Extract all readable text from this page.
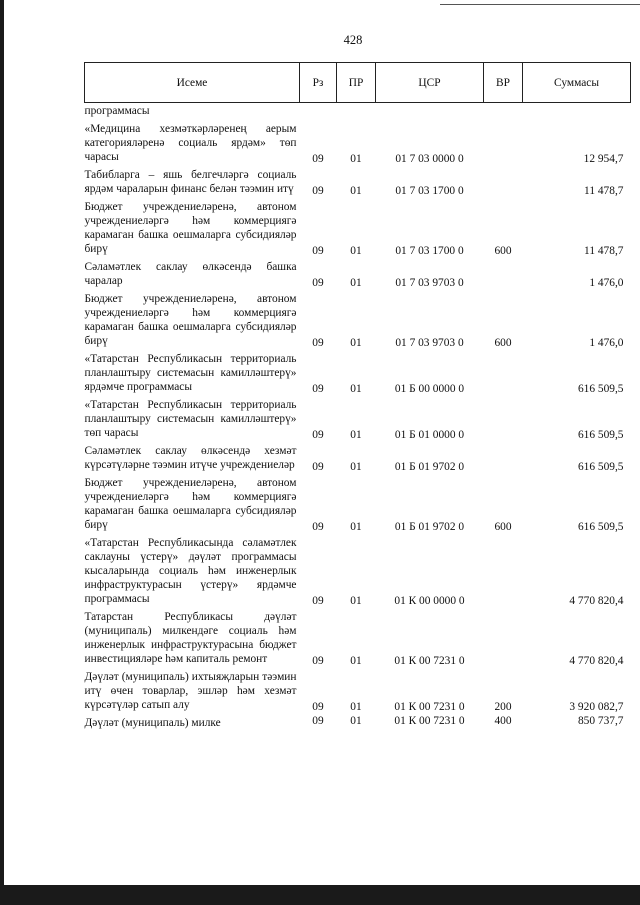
428
Исеме	Рз	ПР	ЦСР	ВР	Суммасы
программасы					
«Медицина хезмәткәрләренең аерым категорияләренә социаль ярдәм» төп чарасы	09	01	01 7 03 0000 0		12 954,7
Табибларга – яшь белгечләргә социаль ярдәм чараларын финанс белән тәэмин итү	09	01	01 7 03 1700 0		11 478,7
Бюджет учреждениеләренә, автоном учреждениеләргә һәм коммерциягә карамаган башка оешмаларга субсидияләр бирү	09	01	01 7 03 1700 0	600	11 478,7
Сәламәтлек саклау өлкәсендә башка чаралар	09	01	01 7 03 9703 0		1 476,0
Бюджет учреждениеләренә, автоном учреждениеләргә һәм коммерциягә карамаган башка оешмаларга субсидияләр бирү	09	01	01 7 03 9703 0	600	1 476,0
«Татарстан Республикасын территориаль планлаштыру системасын камилләштерү» ярдәмче программасы	09	01	01 Б 00 0000 0		616 509,5
«Татарстан Республикасын территориаль планлаштыру системасын камилләштерү» төп чарасы	09	01	01 Б 01 0000 0		616 509,5
Сәламәтлек саклау өлкәсендә хезмәт күрсәтүләрне тәэмин итүче учреждениеләр	09	01	01 Б 01 9702 0		616 509,5
Бюджет учреждениеләренә, автоном учреждениеләргә һәм коммерциягә карамаган башка оешмаларга субсидияләр бирү	09	01	01 Б 01 9702 0	600	616 509,5
«Татарстан Республикасында сәламәтлек саклауны үстерү» дәүләт программасы кысаларында социаль һәм инженерлык инфраструктурасын үстерү» ярдәмче программасы	09	01	01 К 00 0000 0		4 770 820,4
Татарстан Республикасы дәүләт (муниципаль) милкендәге социаль һәм инженерлык инфраструктурасына бюджет инвестицияләре һәм капиталь ремонт	09	01	01 К 00 7231 0		4 770 820,4
Дәүләт (муниципаль) ихтыяҗларын тәэмин итү өчен товарлар, эшләр һәм хезмәт күрсәтүләр сатып алу	09	01	01 К 00 7231 0	200	3 920 082,7
Дәүләт (муниципаль) милке	09	01	01 К 00 7231 0	400	850 737,7
